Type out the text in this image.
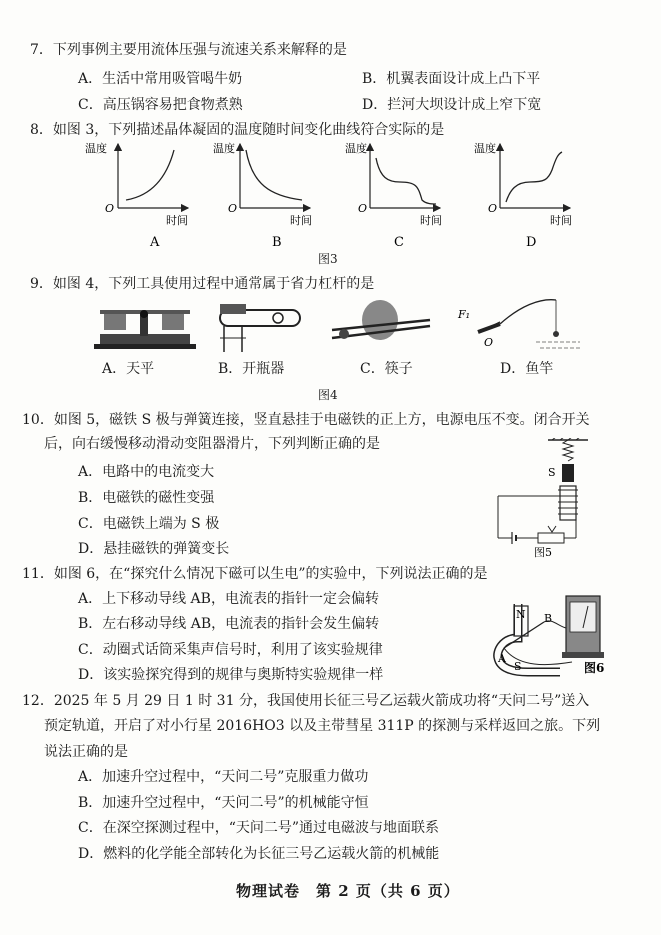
7．下列事例主要用流体压强与流速关系来解释的是
A．生活中常用吸管喝牛奶	B．机翼表面设计成上凸下平
C．高压锅容易把食物煮熟	D．拦河大坝设计成上窄下宽
8．如图 3，下列描述晶体凝固的温度随时间变化曲线符合实际的是
温度
O
时间
A
温度
O
时间
B
温度
O
时间
C
温度
O
时间
D
图3
9．如图 4，下列工具使用过程中通常属于省力杠杆的是
F₁
O
A．天平	B．开瓶器	C．筷子	D．鱼竿
图4
10．如图 5，磁铁 S 极与弹簧连接，竖直悬挂于电磁铁的正上方，电源电压不变。闭合开关
后，向右缓慢移动滑动变阻器滑片，下列判断正确的是
A．电路中的电流变大
B．电磁铁的磁性变强
C．电磁铁上端为 S 极
D．悬挂磁铁的弹簧变长
S
图5
11．如图 6，在“探究什么情况下磁可以生电”的实验中，下列说法正确的是
A．上下移动导线 AB，电流表的指针一定会偏转
B．左右移动导线 AB，电流表的指针会发生偏转
C．动圈式话筒采集声信号时，利用了该实验规律
D．该实验探究得到的规律与奥斯特实验规律一样
N
S
A
B
图6
12．2025 年 5 月 29 日 1 时 31 分，我国使用长征三号乙运载火箭成功将“天问二号”送入
预定轨道，开启了对小行星 2016HO3 以及主带彗星 311P 的探测与采样返回之旅。下列
说法正确的是
A．加速升空过程中，“天问二号”克服重力做功
B．加速升空过程中，“天问二号”的机械能守恒
C．在深空探测过程中，“天问二号”通过电磁波与地面联系
D．燃料的化学能全部转化为长征三号乙运载火箭的机械能
物理试卷　第 2 页（共 6 页）
